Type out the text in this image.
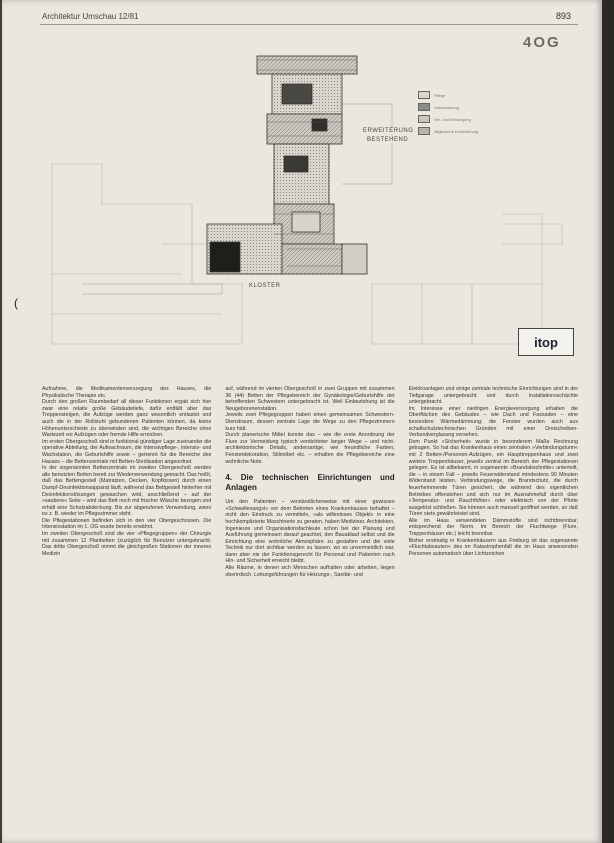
Architektur Umschau 12/81	893
4OG
Pflege
Untersuchung
Ver- und Entsorgung
Allgemeine Erschließung
ERWEITERUNG
BESTEHEND
KLOSTER
itop
(

Aufnahme, die Medikamentenversorgung des Hauses, die Physikalische Therapie etc.

Durch den großen Raumbedarf all dieser Funktionen ergab sich hier zwar eine relativ große Gebäudetiefe, dafür entfällt aber das Treppensteigen, die Aufzüge werden ganz wesentlich entlastet und auch die in der Rollstuhl gebundenen Patienten können, da keine Höhenunterschiede zu überwinden sind, die wichtigen Bereiche ohne Wartezeit vor Aufzügen oder fremde Hilfe erreichen.

Im ersten Obergeschoß sind in funktional günstiger Lage zueinander die operative Abteilung, der Aufwachraum, die Intensivpflege-, Intensiv- und Wachstation, die Geburtshilfe sowie – getrennt für die Bereiche des Hauses – die Bettenzentrale mit Betten-Sterilisation angeordnet.

In der sogenannten Bettenzentrale im zweiten Obergeschoß werden alle benutzten Betten bereit zur Wiederverwendung gemacht. Das heißt, daß das Bettengestell (Matratzen, Decken, Kopfkissen) durch einen Dampf-Desinfektionsapparat läuft, während das Bettgestell hinterher mit Desinfektionslösungen gewaschen wird, anschließend – auf der »saubere« Seite – wird das Bett noch mit frischer Wäsche bezogen und erhält eine Schutzabdeckung. Bis zur abgerufenen Verwendung, wenn es z. B. wieder im Pflegezimmer steht.

Die Pflegestationen befinden sich in den vier Obergeschossen. Die Intensivstation im 1. OG wurde bereits erwähnt.

Im zweiten Obergeschoß sind die vier »Pflegegruppen« der Chirurgie mit zusammen 12 Planbetten (zuzüglich für Benutzer untergebracht. Das dritte Obergeschoß nimmt die gleichgroßen Stationen der inneren Medizin

auf, während im vierten Obergeschoß in zwei Gruppen mit zusammen 36 (44) Betten der Pflegebereich der Gynäkologie/Geburtshilfe der betreffenden Schwestern untergebracht ist. Weil Einbeziehung ist die Neugeborenenstation.

Jeweils zwei Pflegegruppen haben einen gemeinsamen Schwestern-Dienstraum, dessen zentrale Lage die Wege zu den Pflegezimmern kurz hält.

Durch planerische Mittel konnte das – wie die erste Anordnung der Flure zur Vermeidung typisch verdichteter langer Wege – und nicht-architektonische Details, andersartige, wie freundliche Farben, Fensterdekoration, Stilmöbel etc. – erhalten die Pflegebereiche eine wohnliche Note.

4. Die technischen Einrichtungen und Anlagen

Um den Patienten – verständlicherweise mit einer gewissen »Schwellenangst« vor dem Betreten eines Krankenhauses behaftet – nicht den Eindruck zu vermitteln, »als willenloses Objekt« in eine hochkomplizierte Maschinerie zu geraten, haben Mediziner, Architekten, Ingenieure und Organisationsfachleute schon bei der Planung und Ausführung gemeinsam darauf geachtet, den Bauablauf selbst und die Einrichtung eine wohnliche Atmosphäre zu gestalten und die viele Technik nur dort sichtbar werden zu lassen, wo es unvermeidlich war, dann aber nie der Funktionsgerecht für Personal und Patienten nach Hin- und Sicherheit erreicht bleibt.

Alle Räume, in denen sich Menschen aufhalten oder arbeiten, liegen oberirdisch. Leitungsführungen für Heizungs-, Sanitär- und

Elektroanlagen und einige zentrale technische Einrichtungen sind in der Tiefgarage untergebracht und durch Installationsschächte untergebracht.

Im Interesse einer niedrigen Energieversorgung erhalten die Oberflächen des Gebäudes – wie Dach und Fassaden – eine besondere Wärmedämmung; die Fenster wurden auch aus schallschutztechnischen Gründen mit einer Dreischeiben-Verbundverglasung versehen.

Dem Punkt »Sicherheit« wurde in besonderem Maße Rechnung getragen. So hat das Krankenhaus einen zentralen »Verbindungsturm« mit 2 Betten-/Personen-Aufzügen, ein Haupttreppenhaus und zwei weitere Treppenhäuser, jeweils zentral im Bereich der Pflegestationen gelegen. Es ist allbekannt, in sogenannte »Brandabschnitte« unterteilt, die – in einem Fall – jeweils Feuerwiderstand mindestens 90 Minuten Widerstand leisten. Verbindungswege, die Brandschutz, die durch feuerhemmende Türen gesichert, die während des eigentlichen Betriebes offenstehen und sich nur im Ausnahmefall durch über »Temperatur- und Rauchfühler« oder elektrisch von der Pforte ausgelöst schließen. Sie können auch manuell geöffnet werden, so daß Türen stets gewährleistet sind.

Alle im Haus verwendeten Dämmstoffe sind nichtbrennbar, entsprechend der Norm. Im Bereich der Fluchtwege (Flure, Treppenhäuser etc.) leicht brennbar.

Bisher erstmalig in Krankenhäusern aus Freiburg ist das sogenannte »Fluchtabsauten« des im Katastrophenfall die im Haus anwesenden Personen automatisch über Lichtzeichen
